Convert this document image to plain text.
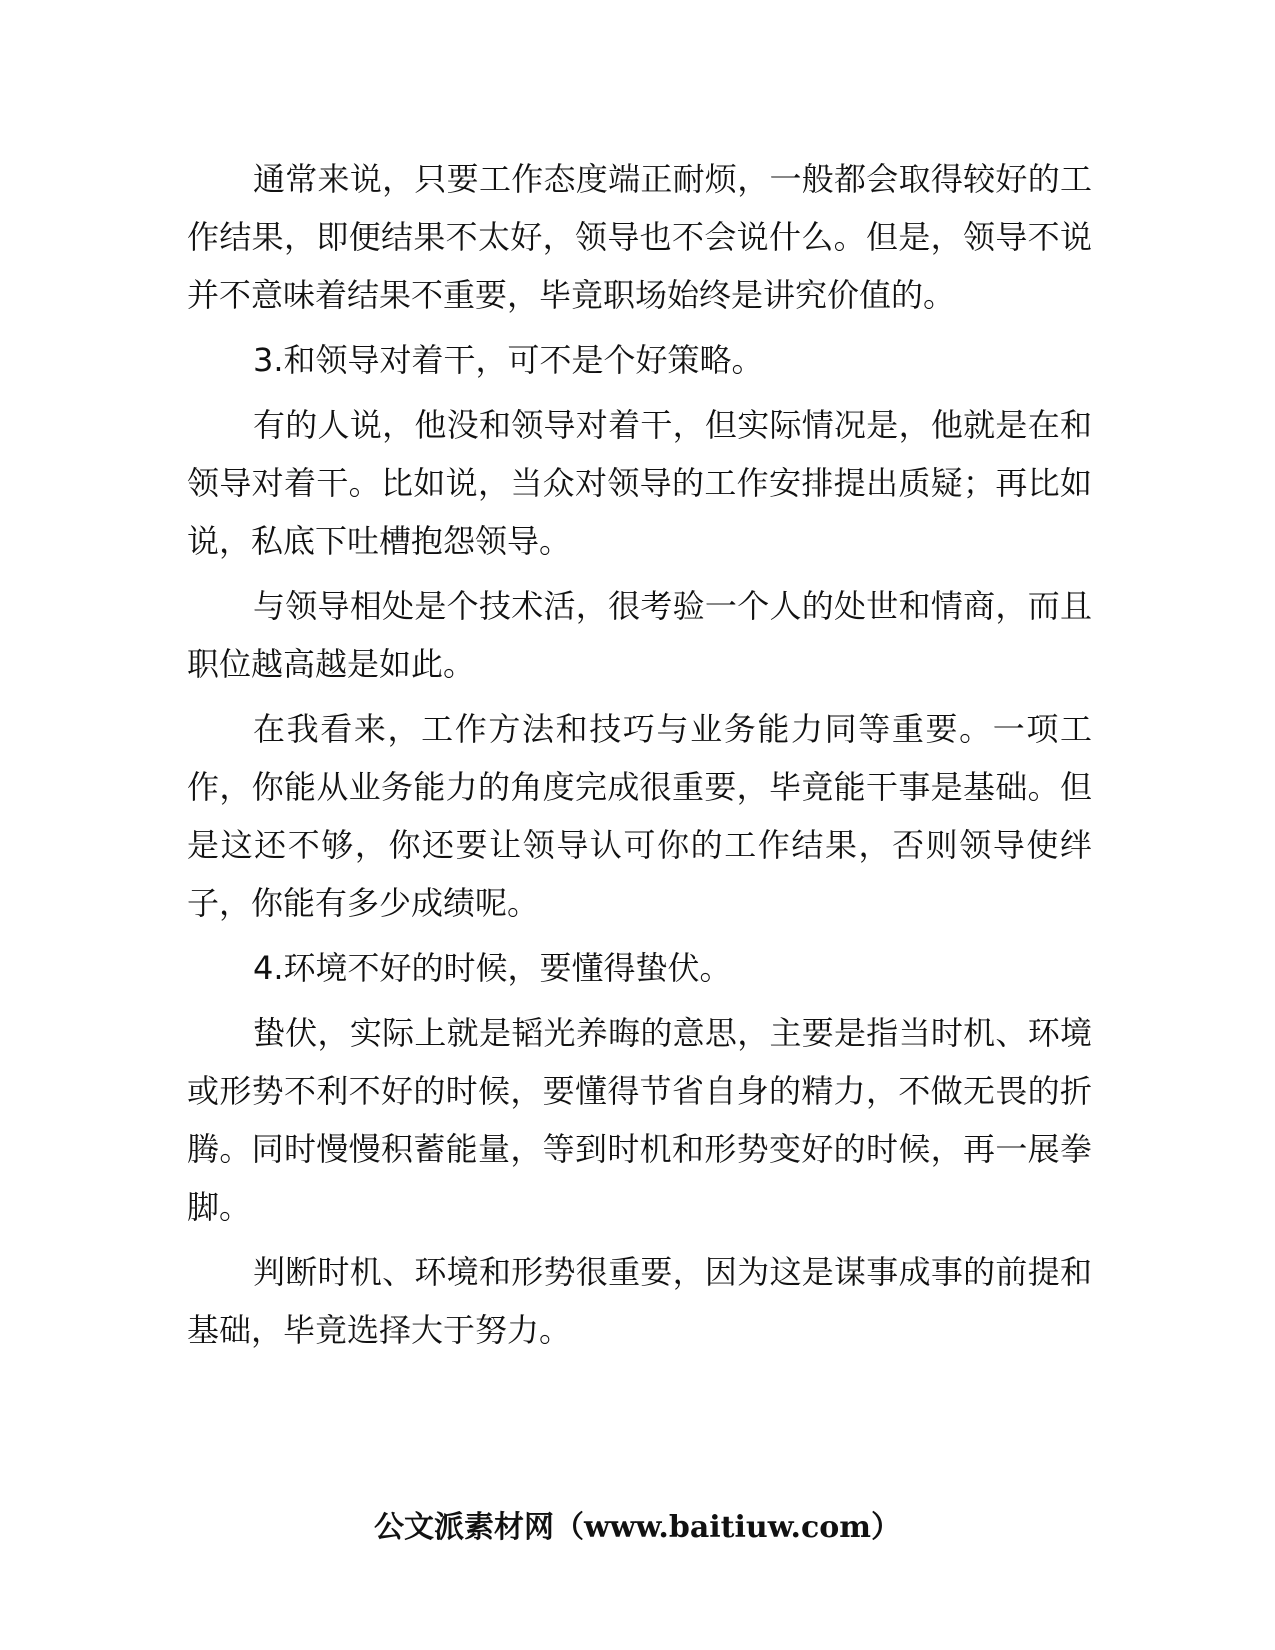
通常来说，只要工作态度端正耐烦，一般都会取得较好的工作结果，即便结果不太好，领导也不会说什么。但是，领导不说并不意味着结果不重要，毕竟职场始终是讲究价值的。

3.和领导对着干，可不是个好策略。

有的人说，他没和领导对着干，但实际情况是，他就是在和领导对着干。比如说，当众对领导的工作安排提出质疑；再比如说，私底下吐槽抱怨领导。

与领导相处是个技术活，很考验一个人的处世和情商，而且职位越高越是如此。

在我看来，工作方法和技巧与业务能力同等重要。一项工作，你能从业务能力的角度完成很重要，毕竟能干事是基础。但是这还不够，你还要让领导认可你的工作结果，否则领导使绊子，你能有多少成绩呢。

4.环境不好的时候，要懂得蛰伏。

蛰伏，实际上就是韬光养晦的意思，主要是指当时机、环境或形势不利不好的时候，要懂得节省自身的精力，不做无畏的折腾。同时慢慢积蓄能量，等到时机和形势变好的时候，再一展拳脚。

判断时机、环境和形势很重要，因为这是谋事成事的前提和基础，毕竟选择大于努力。

公文派素材网（www.baitiuw.com）
